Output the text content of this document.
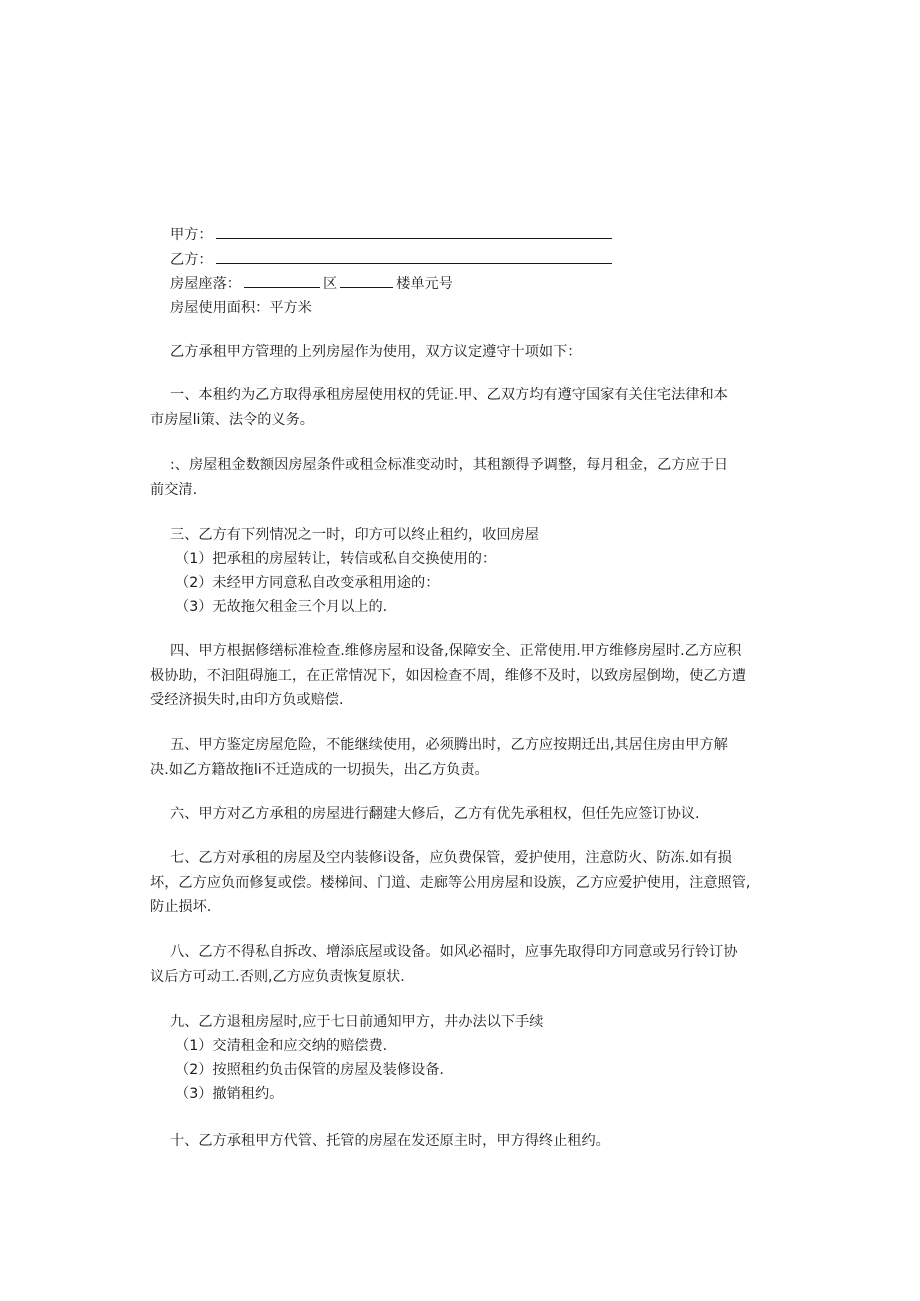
甲方：
乙方：
房屋座落：	区	楼单元号
房屋使用面积：平方米
乙方承租甲方管理的上列房屋作为使用，双方议定遵守十项如下：
一、本租约为乙方取得承租房屋使用权的凭证.甲、乙双方均有遵守国家有关住宅法律和本
市房屋li策、法令的义务。
:、房屋租金数额因房屋条件或租佥标准变动时，其租额得予调整，每月租金，乙方应于日
前交清.
三、乙方有下列情况之一时，印方可以终止租约，收回房屋
（1）把承租的房屋转让，转信或私自交换使用的：
（2）未经甲方同意私自改变承租用途的：
（3）无故拖欠租金三个月以上的.
四、甲方根据修缮标准检查.维修房屋和设备,保障安全、正常使用.甲方维修房屋时.乙方应积
极协助，不汩阻碍施工，在正常情况下，如因检查不周，维修不及时，以致房屋倒坳，使乙方遭
受经济损失时,由印方负或赔偿.
五、甲方鉴定房屋危险，不能继续使用，必须腾出时，乙方应按期迁出,其居住房由甲方解
决.如乙方籍故拖li不迁造成的一切损失，出乙方负责。
六、甲方对乙方承租的房屋进行翻建大修后，乙方有优先承租权，但任先应签订协议.
七、乙方对承租的房屋及空内装修i设备，应负费保管，爱护使用，注意防火、防冻.如有损
坏，乙方应负而修复或偿。楼梯间、门道、走廊等公用房屋和设族，乙方应爱护使用，注意照管,
防止损坏.
八、乙方不得私自拆改、增添底屋或设备。如风必福时，应事先取得印方同意或另行铃订协
议后方可动工.否则,乙方应负责恢复原状.
九、乙方退租房屋时,应于七日前通知甲方，井办法以下手续
（1）交清租金和应交纳的赔偿费.
（2）按照租约负击保管的房屋及装修设备.
（3）撤销租约。
十、乙方承租甲方代管、托管的房屋在发还原主时，甲方得终止租约。
